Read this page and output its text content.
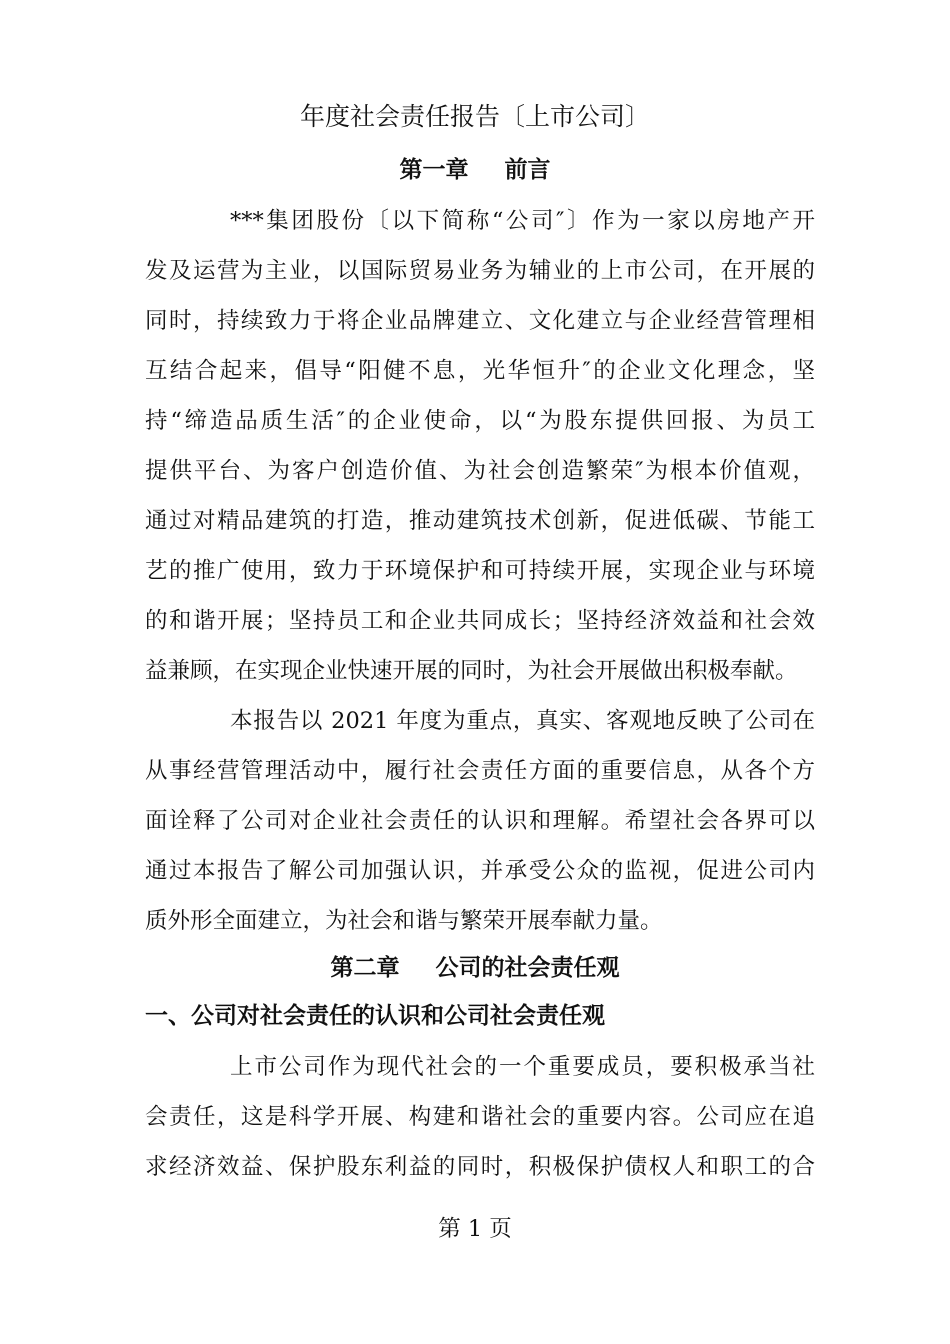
年度社会责任报告〔上市公司〕
第一章 前言
***集团股份〔以下简称“公司″〕作为一家以房地产开
发及运营为主业，以国际贸易业务为辅业的上市公司，在开展的
同时，持续致力于将企业品牌建立、文化建立与企业经营管理相
互结合起来，倡导“阳健不息，光华恒升″的企业文化理念，坚
持“缔造品质生活″的企业使命，以“为股东提供回报、为员工
提供平台、为客户创造价值、为社会创造繁荣″为根本价值观，
通过对精品建筑的打造，推动建筑技术创新，促进低碳、节能工
艺的推广使用，致力于环境保护和可持续开展，实现企业与环境
的和谐开展；坚持员工和企业共同成长；坚持经济效益和社会效
益兼顾，在实现企业快速开展的同时，为社会开展做出积极奉献。
本报告以 2021 年度为重点，真实、客观地反映了公司在
从事经营管理活动中，履行社会责任方面的重要信息，从各个方
面诠释了公司对企业社会责任的认识和理解。希望社会各界可以
通过本报告了解公司加强认识，并承受公众的监视，促进公司内
质外形全面建立，为社会和谐与繁荣开展奉献力量。
第二章 公司的社会责任观
一、公司对社会责任的认识和公司社会责任观
上市公司作为现代社会的一个重要成员，要积极承当社
会责任，这是科学开展、构建和谐社会的重要内容。公司应在追
求经济效益、保护股东利益的同时，积极保护债权人和职工的合
第 1 页
